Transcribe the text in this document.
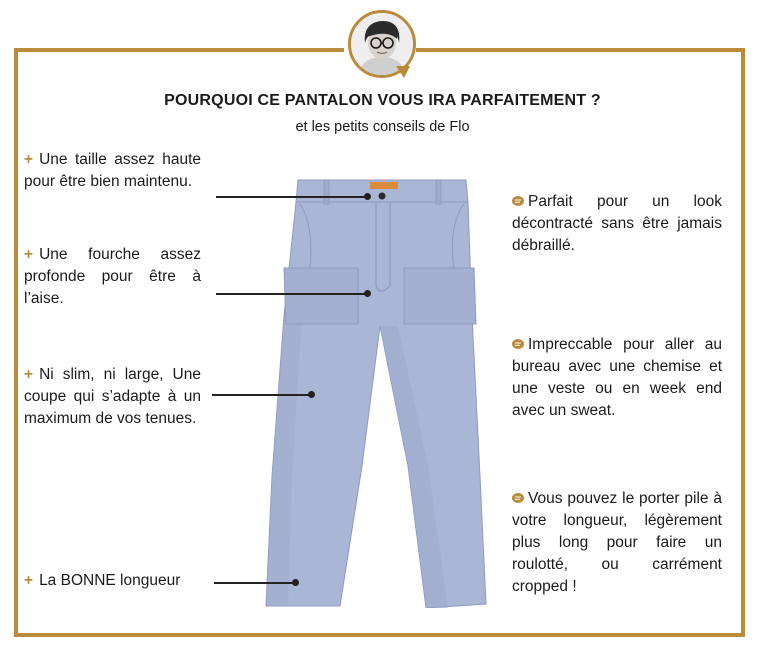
POURQUOI CE PANTALON VOUS IRA PARFAITEMENT ?
et les petits conseils de Flo

+ Une taille assez haute pour être bien maintenu.

+ Une fourche assez profonde pour être à l’aise.

+ Ni slim, ni large, Une coupe qui s’adapte à un maximum de vos tenues.

+ La BONNE longueur

Parfait pour un look décontracté sans être jamais débraillé.

Impreccable pour aller au bureau avec une chemise et une veste ou en week end avec un sweat.

Vous pouvez le porter pile à votre longueur, légèrement plus long pour faire un roulotté, ou carrément cropped !
